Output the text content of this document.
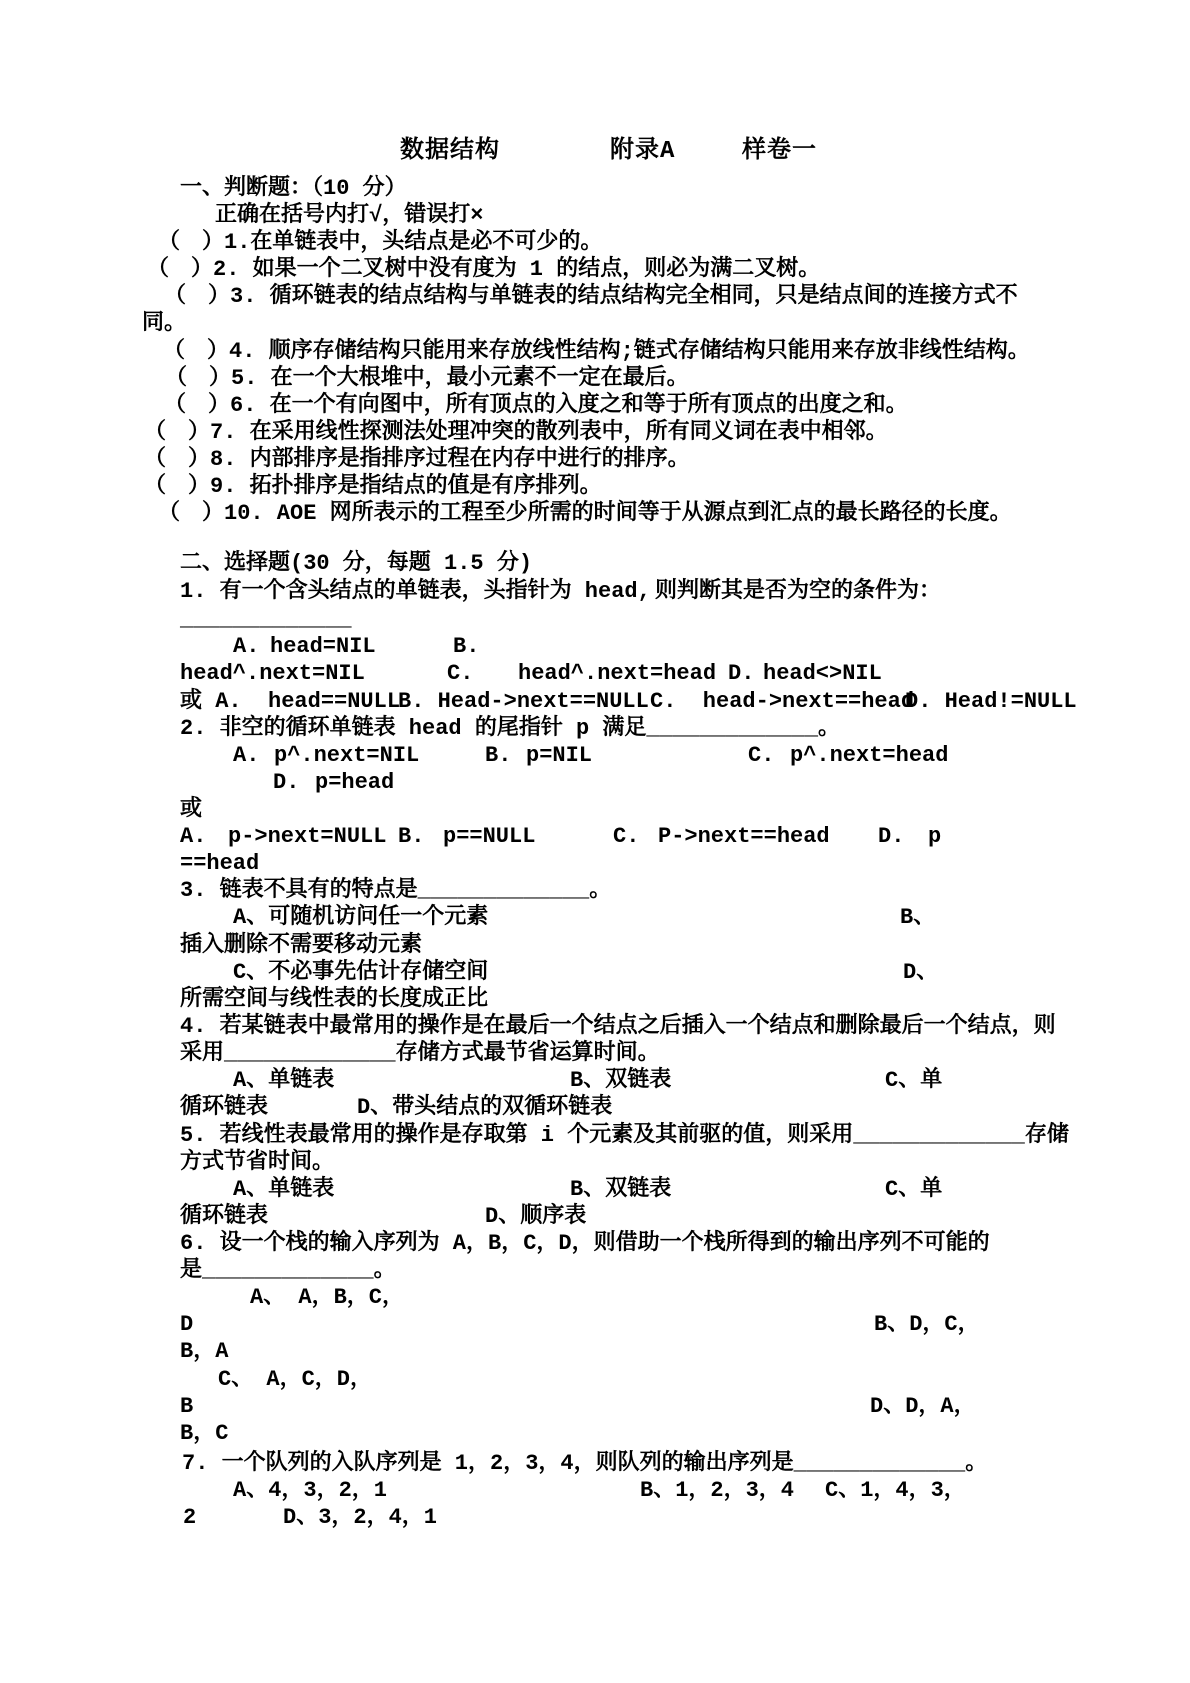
数据结构	附录A	样卷一
一、判断题：（10 分）
正确在括号内打√，错误打×
（　）1.在单链表中，头结点是必不可少的。
（　）2. 如果一个二叉树中没有度为 1 的结点，则必为满二叉树。
（　）3. 循环链表的结点结构与单链表的结点结构完全相同，只是结点间的连接方式不
同。
（　）4. 顺序存储结构只能用来存放线性结构;链式存储结构只能用来存放非线性结构。
（　）5. 在一个大根堆中，最小元素不一定在最后。
（　）6. 在一个有向图中，所有顶点的入度之和等于所有顶点的出度之和。
（　）7. 在采用线性探测法处理冲突的散列表中，所有同义词在表中相邻。
（　）8. 内部排序是指排序过程在内存中进行的排序。
（　）9. 拓扑排序是指结点的值是有序排列。
（　）10. AOE 网所表示的工程至少所需的时间等于从源点到汇点的最长路径的长度。
二、选择题(30 分，每题 1.5 分)
1. 有一个含头结点的单链表，头指针为 head, 则判断其是否为空的条件为：
_____________
A. head=NIL	B.
head^.next=NIL	C. head^.next=head D. head<>NIL
或 A.  head==NULL
B. Head->next==NULL C.  head->next==head
D. Head!=NULL
2. 非空的循环单链表 head 的尾指针 p 满足_____________。
A. p^.next=NIL	B. p=NIL	C. p^.next=head
D. p=head
或
A. p->next=NULL B. p==NULL	C. P->next==head D. p
==head
3. 链表不具有的特点是_____________。
A、可随机访问任一个元素	B、
插入删除不需要移动元素
C、不必事先估计存储空间	D、
所需空间与线性表的长度成正比
4. 若某链表中最常用的操作是在最后一个结点之后插入一个结点和删除最后一个结点，则
采用_____________存储方式最节省运算时间。
A、单链表	B、双链表	C、单
循环链表	D、带头结点的双循环链表
5. 若线性表最常用的操作是存取第 i 个元素及其前驱的值，则采用_____________存储
方式节省时间。
A、单链表	B、双链表	C、单
循环链表	D、顺序表
6. 设一个栈的输入序列为 A，B，C，D，则借助一个栈所得到的输出序列不可能的
是_____________。
A、 A，B，C，
D	B、D，C，
B，A
C、 A，C，D，
B	D、D，A，
B，C
7. 一个队列的入队序列是 1，2，3，4，则队列的输出序列是_____________。
A、4，3，2，1	B、1，2，3，4 C、1，4，3，
2	D、3，2，4，1
